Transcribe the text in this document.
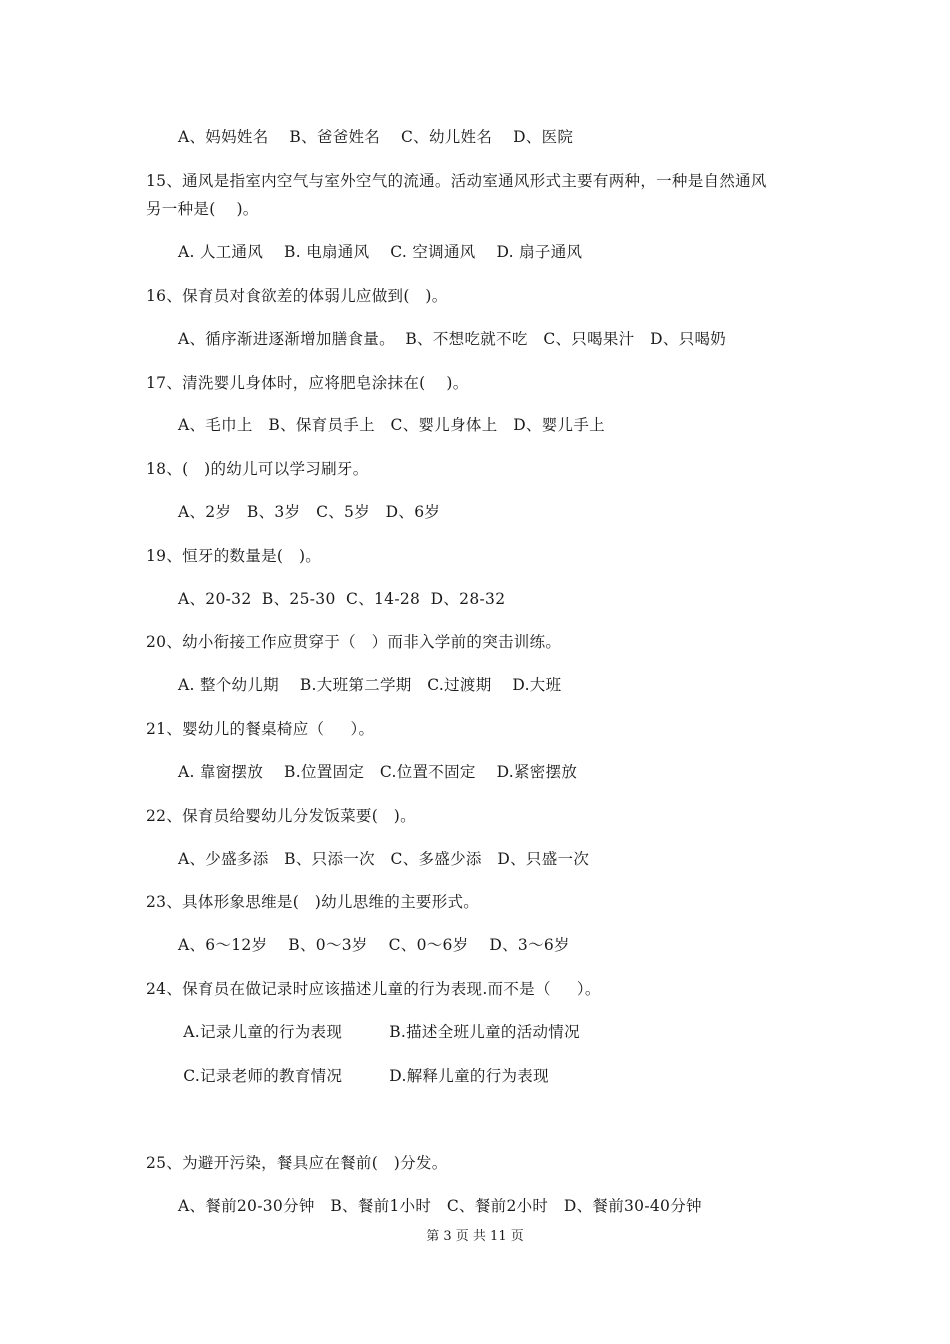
A、妈妈姓名    B、爸爸姓名    C、幼儿姓名    D、医院
15、通风是指室内空气与室外空气的流通。活动室通风形式主要有两种，一种是自然通风
另一种是(    )。
A. 人工通风    B. 电扇通风    C. 空调通风    D. 扇子通风
16、保育员对食欲差的体弱儿应做到(   )。
A、循序渐进逐渐增加膳食量。  B、不想吃就不吃   C、只喝果汁   D、只喝奶
17、清洗婴儿身体时，应将肥皂涂抹在(    )。
A、毛巾上   B、保育员手上   C、婴儿身体上   D、婴儿手上
18、(   )的幼儿可以学习刷牙。
A、2岁   B、3岁   C、5岁   D、6岁
19、恒牙的数量是(   )。
A、20-32  B、25-30  C、14-28  D、28-32
20、幼小衔接工作应贯穿于（   ）而非入学前的突击训练。
A. 整个幼儿期    B.大班第二学期   C.过渡期    D.大班
21、婴幼儿的餐桌椅应（     ）。
A. 靠窗摆放    B.位置固定   C.位置不固定    D.紧密摆放
22、保育员给婴幼儿分发饭菜要(   )。
A、少盛多添   B、只添一次   C、多盛少添   D、只盛一次
23、具体形象思维是(   )幼儿思维的主要形式。
A、6～12岁    B、0～3岁    C、0～6岁    D、3～6岁
24、保育员在做记录时应该描述儿童的行为表现.而不是（     ）。
A.记录儿童的行为表现         B.描述全班儿童的活动情况
C.记录老师的教育情况         D.解释儿童的行为表现
25、为避开污染，餐具应在餐前(   )分发。
A、餐前20-30分钟   B、餐前1小时   C、餐前2小时   D、餐前30-40分钟
第 3 页 共 11 页
